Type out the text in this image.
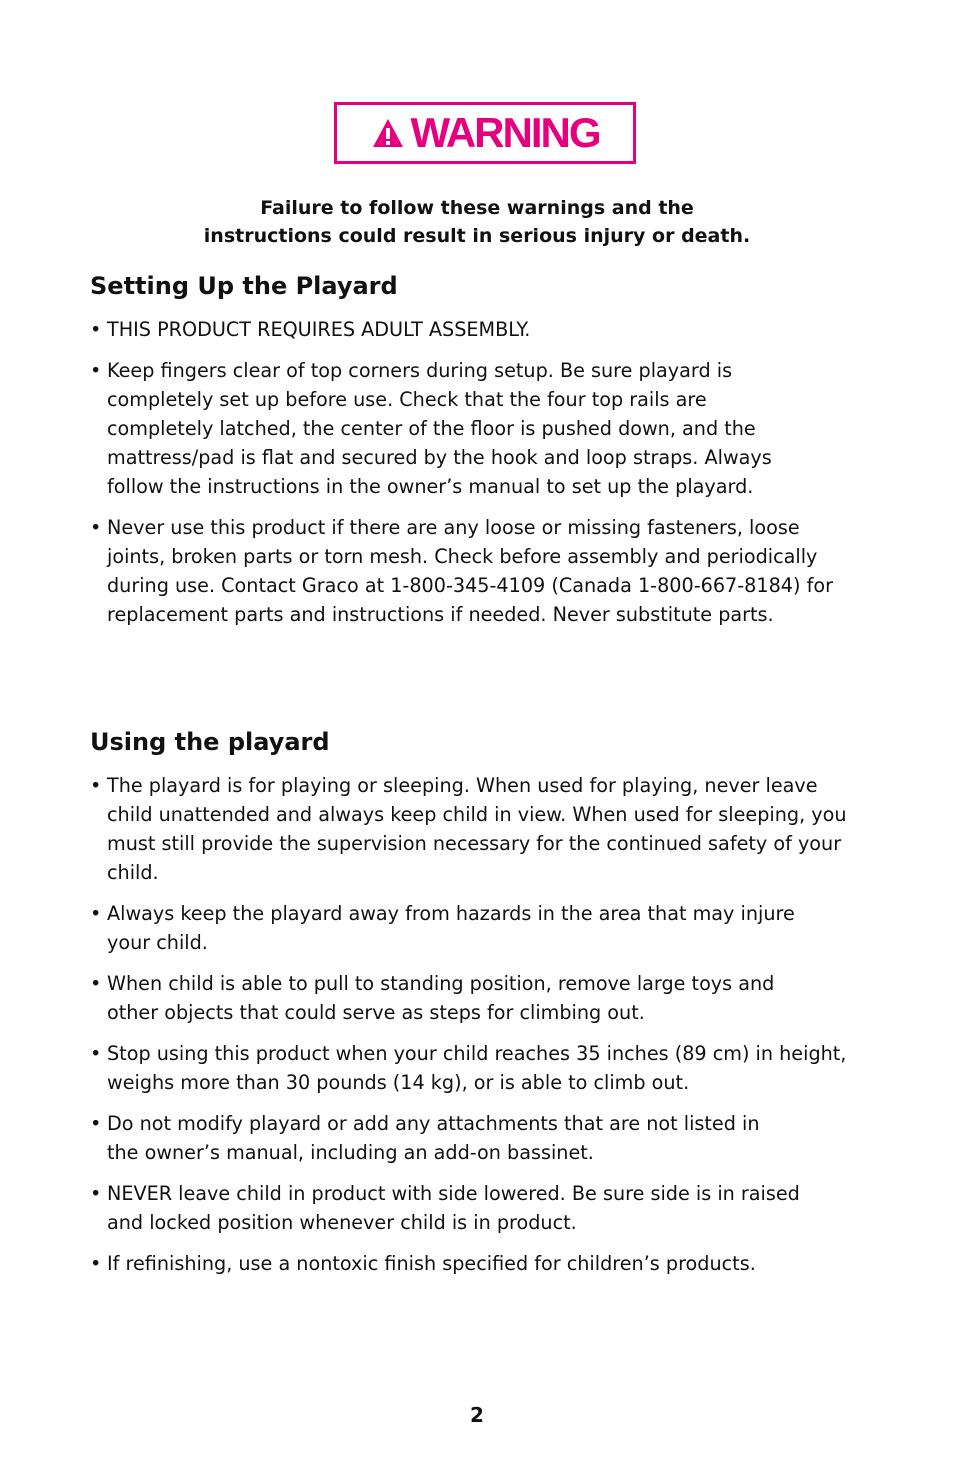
WARNING
Failure to follow these warnings and the
instructions could result in serious injury or death.
Setting Up the Playard
• THIS PRODUCT REQUIRES ADULT ASSEMBLY.
• Keep fingers clear of top corners during setup. Be sure playard is completely set up before use. Check that the four top rails are completely latched, the center of the floor is pushed down, and the mattress/pad is flat and secured by the hook and loop straps. Always follow the instructions in the owner’s manual to set up the playard.
• Never use this product if there are any loose or missing fasteners, loose joints, broken parts or torn mesh. Check before assembly and periodically during use. Contact Graco at 1-800-345-4109 (Canada 1-800-667-8184) for replacement parts and instructions if needed. Never substitute parts.
Using the playard
• The playard is for playing or sleeping. When used for playing, never leave child unattended and always keep child in view. When used for sleeping, you must still provide the supervision necessary for the continued safety of your child.
• Always keep the playard away from hazards in the area that may injure your child.
• When child is able to pull to standing position, remove large toys and other objects that could serve as steps for climbing out.
• Stop using this product when your child reaches 35 inches (89 cm) in height, weighs more than 30 pounds (14 kg), or is able to climb out.
• Do not modify playard or add any attachments that are not listed in the owner’s manual, including an add-on bassinet.
• NEVER leave child in product with side lowered. Be sure side is in raised and locked position whenever child is in product.
• If refinishing, use a nontoxic finish specified for children’s products.
2
